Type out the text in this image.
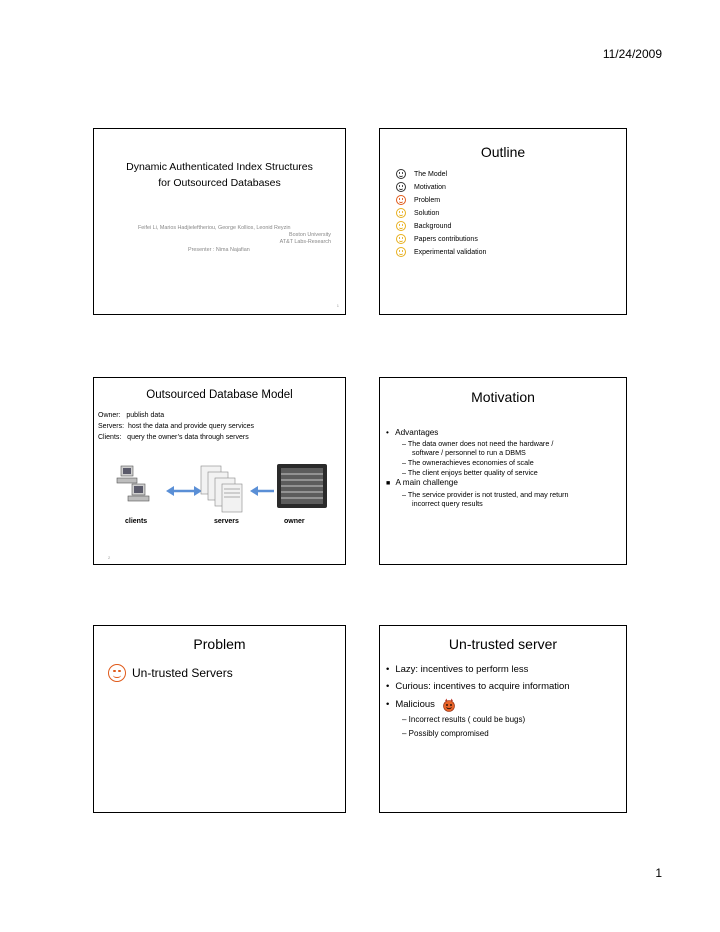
11/24/2009
1
Dynamic Authenticated Index Structures
for Outsourced Databases
Feifei Li, Marios Hadjieleftheriou, George Kollios, Leonid Reyzin
Boston University
AT&T Labs-Research
Presenter : Nima Najafian
1
Outline
The Model
Motivation
Problem
Solution
Background
Papers contributions
Experimental validation
Outsourced Database Model
Owner:   publish data
Servers:  host the data and provide query services
Clients:   query the owner’s data through servers
clients	servers	owner
2
Motivation
• Advantages
– The data owner does not need the hardware /
software / personnel to run a DBMS
– The ownerachieves economies of scale
– The client enjoys better quality of service
■ A main challenge
– The service provider is not trusted, and may return
incorrect query results
Problem
Un-trusted Servers
Un-trusted server
• Lazy: incentives to perform less
• Curious: incentives to acquire information
• Malicious
– Incorrect results ( could be bugs)
– Possibly compromised
